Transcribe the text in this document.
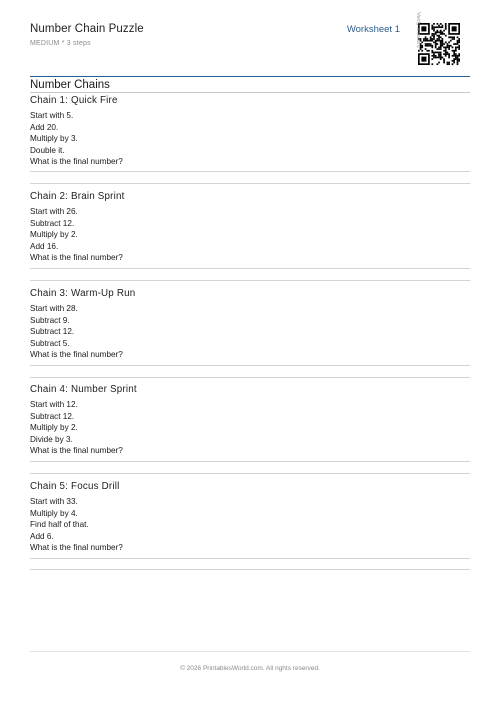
Number Chain Puzzle
MEDIUM * 3 steps
Worksheet 1	Verify answers
Number Chains
Chain 1: Quick Fire
Start with 5.
Add 20.
Multiply by 3.
Double it.
What is the final number?
Chain 2: Brain Sprint
Start with 26.
Subtract 12.
Multiply by 2.
Add 16.
What is the final number?
Chain 3: Warm-Up Run
Start with 28.
Subtract 9.
Subtract 12.
Subtract 5.
What is the final number?
Chain 4: Number Sprint
Start with 12.
Subtract 12.
Multiply by 2.
Divide by 3.
What is the final number?
Chain 5: Focus Drill
Start with 33.
Multiply by 4.
Find half of that.
Add 6.
What is the final number?
© 2026 PrintablesWorld.com. All rights reserved.
